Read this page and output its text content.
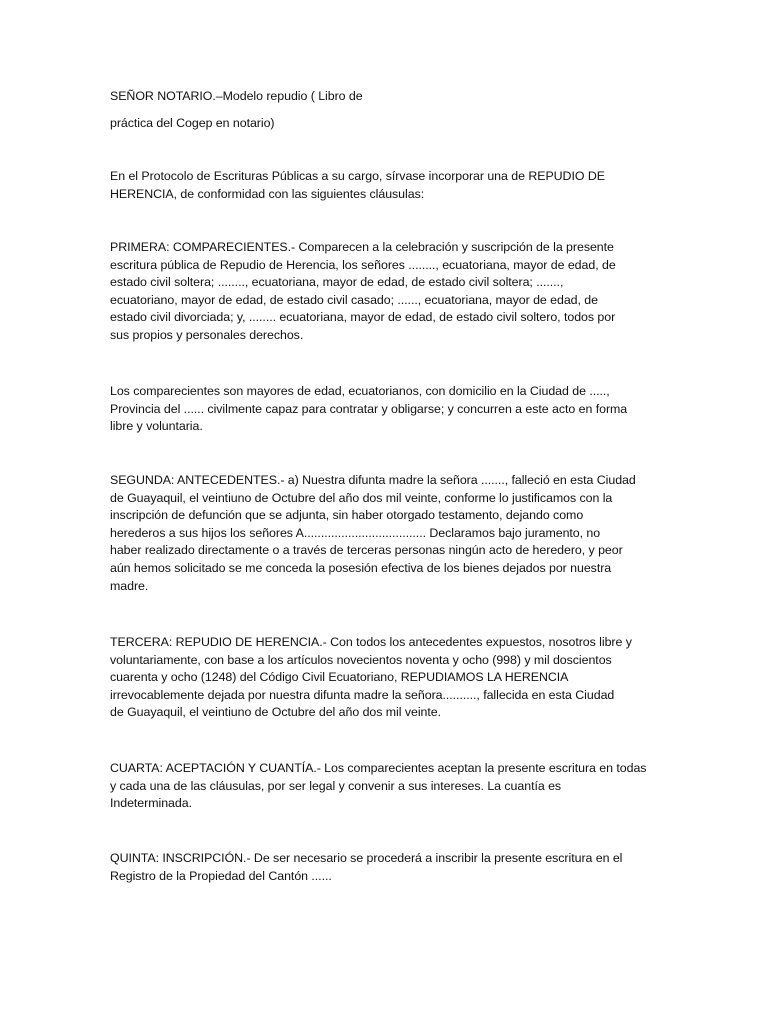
SEÑOR NOTARIO.–Modelo repudio ( Libro de

práctica del Cogep en notario)

En el Protocolo de Escrituras Públicas a su cargo, sírvase incorporar una de REPUDIO DE
HERENCIA, de conformidad con las siguientes cláusulas:

PRIMERA: COMPARECIENTES.- Comparecen a la celebración y suscripción de la presente
escritura pública de Repudio de Herencia, los señores ........, ecuatoriana, mayor de edad, de
estado civil soltera; ........, ecuatoriana, mayor de edad, de estado civil soltera; .......,
ecuatoriano, mayor de edad, de estado civil casado; ......, ecuatoriana, mayor de edad, de
estado civil divorciada; y, ........ ecuatoriana, mayor de edad, de estado civil soltero, todos por
sus propios y personales derechos.

Los comparecientes son mayores de edad, ecuatorianos, con domicilio en la Ciudad de .....,
Provincia del ...... civilmente capaz para contratar y obligarse; y concurren a este acto en forma
libre y voluntaria.

SEGUNDA: ANTECEDENTES.- a) Nuestra difunta madre la señora ......., falleció en esta Ciudad
de Guayaquil, el veintiuno de Octubre del año dos mil veinte, conforme lo justificamos con la
inscripción de defunción que se adjunta, sin haber otorgado testamento, dejando como
herederos a sus hijos los señores A.................................... Declaramos bajo juramento, no
haber realizado directamente o a través de terceras personas ningún acto de heredero, y peor
aún hemos solicitado se me conceda la posesión efectiva de los bienes dejados por nuestra
madre.

TERCERA: REPUDIO DE HERENCIA.- Con todos los antecedentes expuestos, nosotros libre y
voluntariamente, con base a los artículos novecientos noventa y ocho (998) y mil doscientos
cuarenta y ocho (1248) del Código Civil Ecuatoriano, REPUDIAMOS LA HERENCIA
irrevocablemente dejada por nuestra difunta madre la señora.........., fallecida en esta Ciudad
de Guayaquil, el veintiuno de Octubre del año dos mil veinte.

CUARTA: ACEPTACIÓN Y CUANTÍA.- Los comparecientes aceptan la presente escritura en todas
y cada una de las cláusulas, por ser legal y convenir a sus intereses. La cuantía es
Indeterminada.

QUINTA: INSCRIPCIÓN.- De ser necesario se procederá a inscribir la presente escritura en el
Registro de la Propiedad del Cantón ......
